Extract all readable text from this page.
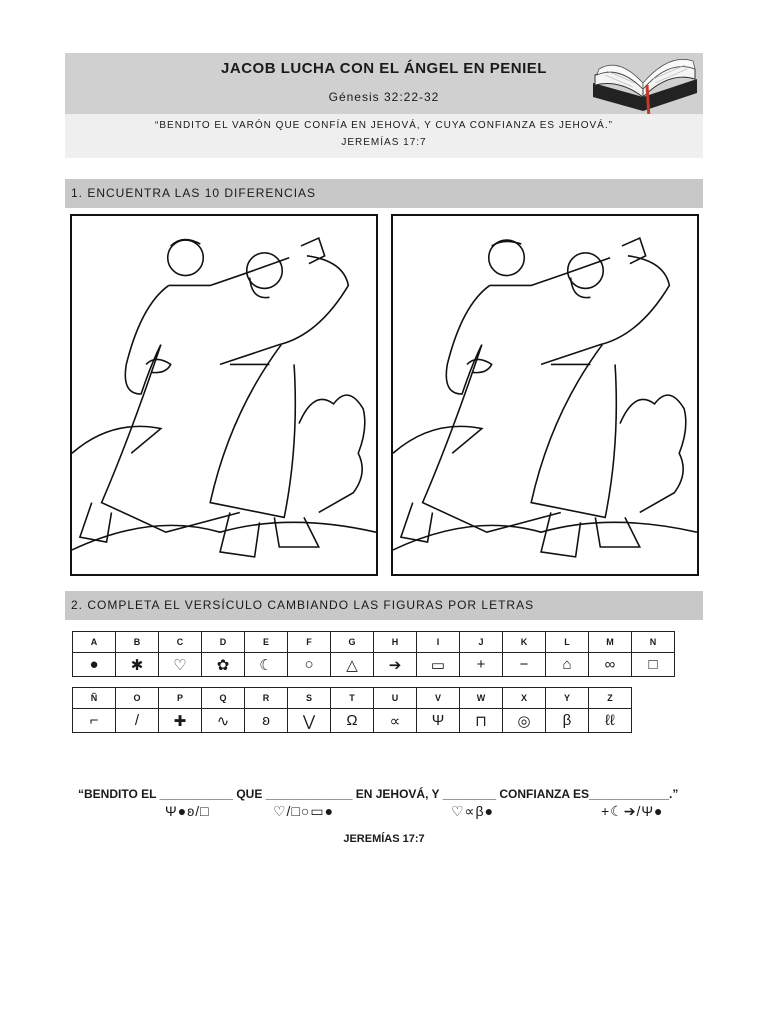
JACOB LUCHA CON EL ÁNGEL EN PENIEL
Génesis 32:22-32
“BENDITO EL VARÓN QUE CONFÍA EN JEHOVÁ, Y CUYA CONFIANZA ES JEHOVÁ.”
JEREMÍAS 17:7
1. ENCUENTRA LAS 10 DIFERENCIAS
2. COMPLETA EL VERSÍCULO CAMBIANDO LAS FIGURAS POR LETRAS
A	B	C	D	E	F	G	H	I	J	K	L	M	N
●	✱	♡	✿	☾	○	△	➔	▭	+	−	⌂	∞	□
Ñ	O	P	Q	R	S	T	U	V	W	X	Y	Z
⌐	/	✚	∿	ʚ	⋁	Ω	∝	Ψ	⊓	◎	β	ℓℓ
“BENDITO EL ___________ QUE _____________ EN JEHOVÁ, Y ________ CONFIANZA ES____________.”
Ψ●ʚ/□	♡/□○▭●	♡∝β●	+☾➔/Ψ●
JEREMÍAS 17:7
